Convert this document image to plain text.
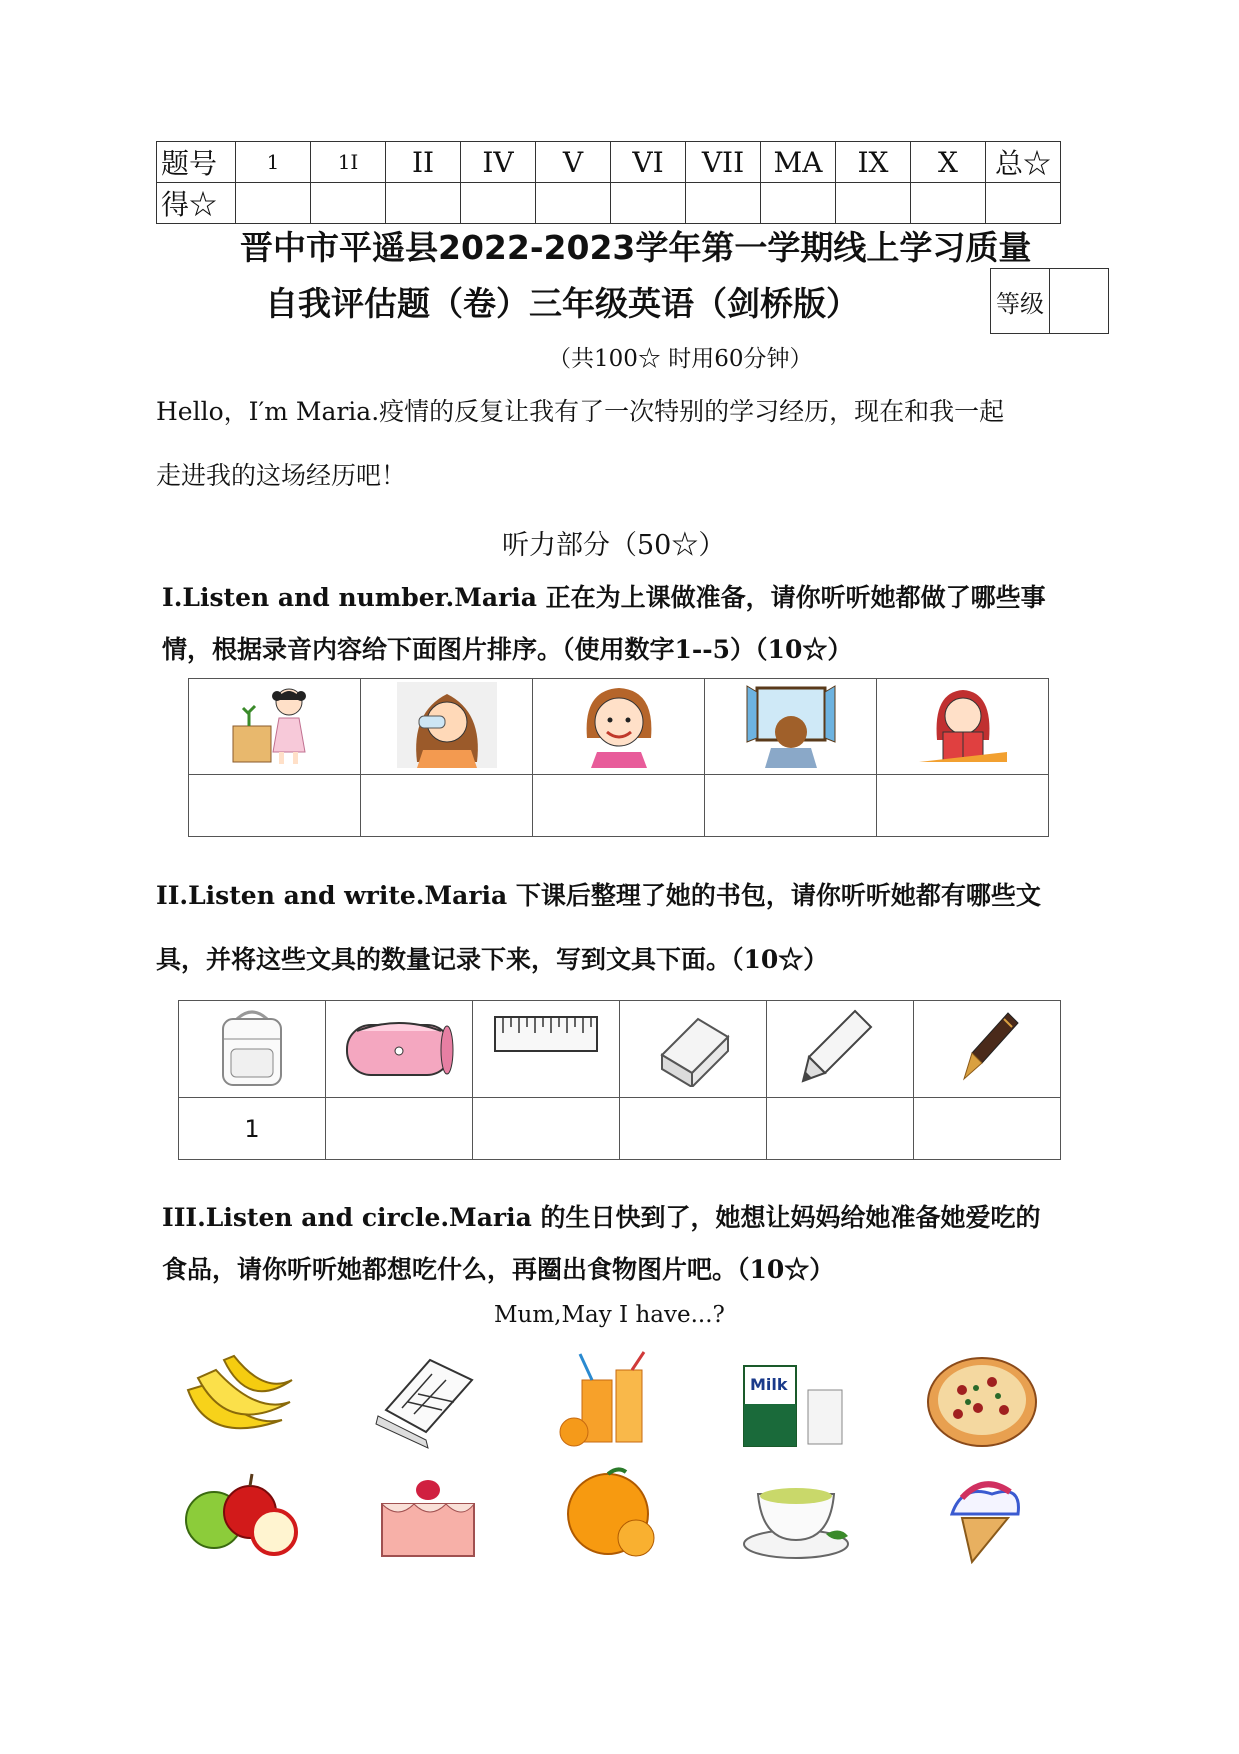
题号	1	1I	II	IV	V	VI	VII	MA	IX	X	总☆
得☆											
晋中市平遥县2022-2023学年第一学期线上学习质量
自我评估题（卷）三年级英语（剑桥版）	等级	
（共100☆ 时用60分钟）
Hello，I′m Maria.疫情的反复让我有了一次特别的学习经历，现在和我一起
走进我的这场经历吧！
听力部分（50☆）
I.Listen and number.Maria 正在为上课做准备，请你听听她都做了哪些事
情，根据录音内容给下面图片排序。（使用数字1--5）（10☆）

II.Listen and write.Maria 下课后整理了她的书包，请你听听她都有哪些文
具，并将这些文具的数量记录下来，写到文具下面。（10☆）

1					
III.Listen and circle.Maria 的生日快到了，她想让妈妈给她准备她爱吃的
食品，请你听听她都想吃什么，再圈出食物图片吧。（10☆）
Mum,May I have...?
Milk
